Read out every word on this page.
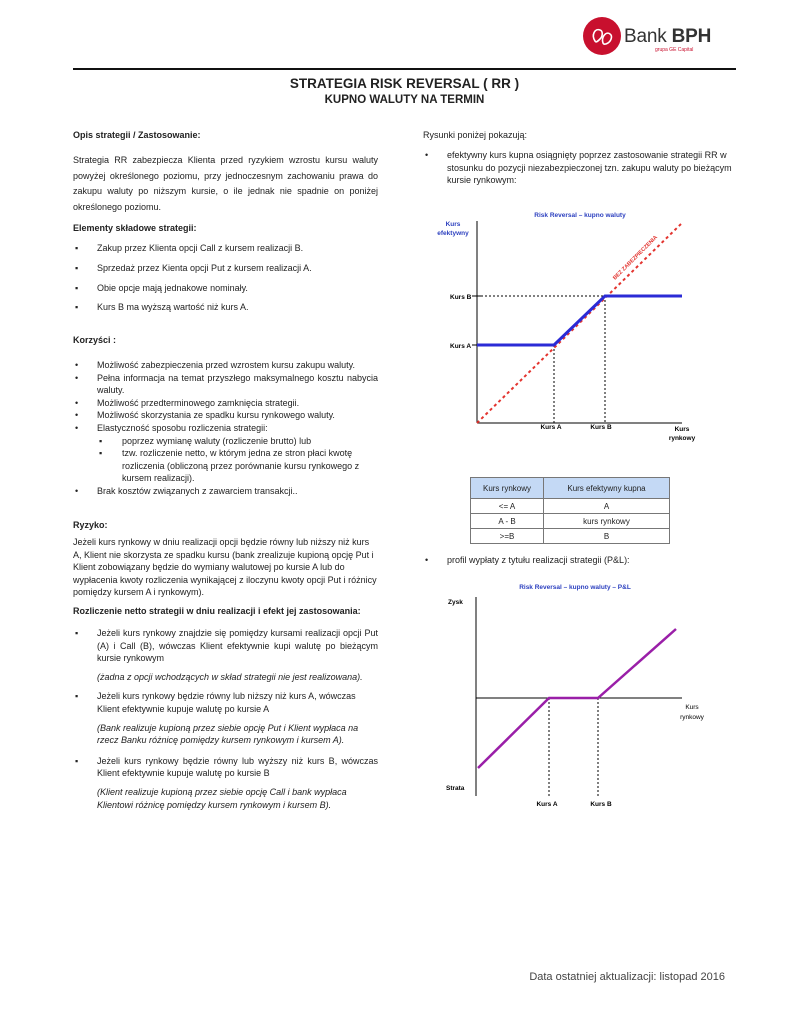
Bank BPH
grupa GE Capital
STRATEGIA RISK REVERSAL ( RR )
KUPNO WALUTY NA TERMIN
Opis strategii / Zastosowanie:
Strategia RR zabezpiecza Klienta przed ryzykiem wzrostu kursu waluty powyżej określonego poziomu, przy jednoczesnym zachowaniu prawa do zakupu waluty po niższym kursie, o ile jednak nie spadnie on poniżej określonego poziomu.
Elementy składowe strategii:
▪ Zakup przez Klienta opcji Call z kursem realizacji B.
▪ Sprzedaż przez Kienta opcji Put z kursem realizacji A.
▪ Obie opcje mają jednakowe nominały.
▪ Kurs B ma wyższą wartość niż kurs A.
Korzyści :
• Możliwość zabezpieczenia przed wzrostem kursu zakupu waluty.
• Pełna informacja na temat przyszłego maksymalnego kosztu nabycia waluty.
• Możliwość przedterminowego zamknięcia strategii.
• Możliwość skorzystania ze spadku kursu rynkowego waluty.
• Elastyczność sposobu rozliczenia strategii:
▪ poprzez wymianę waluty (rozliczenie brutto) lub
▪ tzw. rozliczenie netto, w którym jedna ze stron płaci kwotę rozliczenia (obliczoną przez porównanie kursu rynkowego z kursem realizacji).
• Brak kosztów związanych z zawarciem transakcji..
Ryzyko:
Jeżeli kurs rynkowy w dniu realizacji opcji będzie równy lub niższy niż kurs A, Klient nie skorzysta ze spadku kursu (bank zrealizuje kupioną opcję Put i Klient zobowiązany będzie do wymiany walutowej po kursie A lub do wypłacenia kwoty rozliczenia wynikającej z iloczynu kwoty opcji Put i różnicy pomiędzy kursem A i rynkowym).
Rozliczenie netto strategii w dniu realizacji i efekt jej zastosowania:
▪ Jeżeli kurs rynkowy znajdzie się pomiędzy kursami realizacji opcji Put (A) i Call (B), wówczas Klient efektywnie kupi walutę po bieżącym kursie rynkowym
(żadna z opcji wchodzących w skład strategii nie jest realizowana).
▪ Jeżeli kurs rynkowy będzie równy lub niższy niż kurs A, wówczas Klient efektywnie kupuje walutę po kursie A
(Bank realizuje kupioną przez siebie opcję Put i Klient wypłaca na rzecz Banku różnicę pomiędzy kursem rynkowym i kursem A).
▪ Jeżeli kurs rynkowy będzie równy lub wyższy niż kurs B, wówczas Klient efektywnie kupuje walutę po kursie B
(Klient realizuje kupioną przez siebie opcję Call i bank wypłaca Klientowi różnicę pomiędzy kursem rynkowym i kursem B).
Rysunki poniżej pokazują:
• efektywny kurs kupna osiągnięty poprzez zastosowanie strategii RR w stosunku do pozycji niezabezpieczonej tzn. zakupu waluty po bieżącym kursie rynkowym:
Risk Reversal – kupno waluty
Kurs
efektywny
Kurs B
Kurs A
Kurs A	Kurs B	Kurs
rynkowy
BEZ ZABEZPIECZENIA
Kurs rynkowy	Kurs efektywny kupna
<= A	A
A - B	kurs rynkowy
>=B	B
• profil wypłaty z tytułu realizacji strategii (P&L):
Risk Reversal – kupno waluty – P&L
Zysk
Strata
Kurs A	Kurs B
Kurs
rynkowy
Data ostatniej aktualizacji: listopad 2016
